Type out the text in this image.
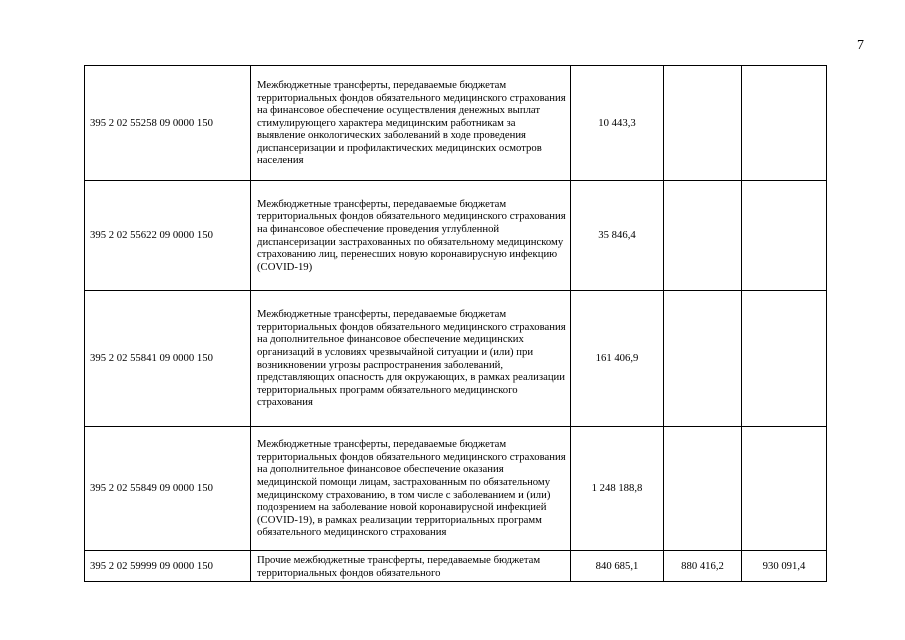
7
395 2 02 55258 09 0000 150	Межбюджетные трансферты, передаваемые бюджетам территориальных фондов обязательного медицинского страхования на финансовое обеспечение осуществления денежных выплат стимулирующего характера медицинским работникам за выявление онкологических заболеваний в ходе проведения диспансеризации и профилактических медицинских осмотров населения	10 443,3		
395 2 02 55622 09 0000 150	Межбюджетные трансферты, передаваемые бюджетам территориальных фондов обязательного медицинского страхования на финансовое обеспечение проведения углубленной диспансеризации застрахованных по обязательному медицинскому страхованию лиц, перенесших новую коронавирусную инфекцию (COVID-19)	35 846,4		
395 2 02 55841 09 0000 150	Межбюджетные трансферты, передаваемые бюджетам территориальных фондов обязательного медицинского страхования на дополнительное финансовое обеспечение медицинских организаций в условиях чрезвычайной ситуации и (или) при возникновении угрозы распространения заболеваний, представляющих опасность для окружающих, в рамках реализации территориальных программ обязательного медицинского страхования	161 406,9		
395 2 02 55849 09 0000 150	Межбюджетные трансферты, передаваемые бюджетам территориальных фондов обязательного медицинского страхования на дополнительное финансовое обеспечение оказания медицинской помощи лицам, застрахованным по обязательному медицинскому страхованию, в том числе с заболеванием и (или) подозрением на заболевание новой коронавирусной инфекцией (COVID-19), в рамках реализации территориальных программ обязательного медицинского страхования	1 248 188,8		
395 2 02 59999 09 0000 150	Прочие межбюджетные трансферты, передаваемые бюджетам территориальных фондов обязательного	840 685,1	880 416,2	930 091,4
